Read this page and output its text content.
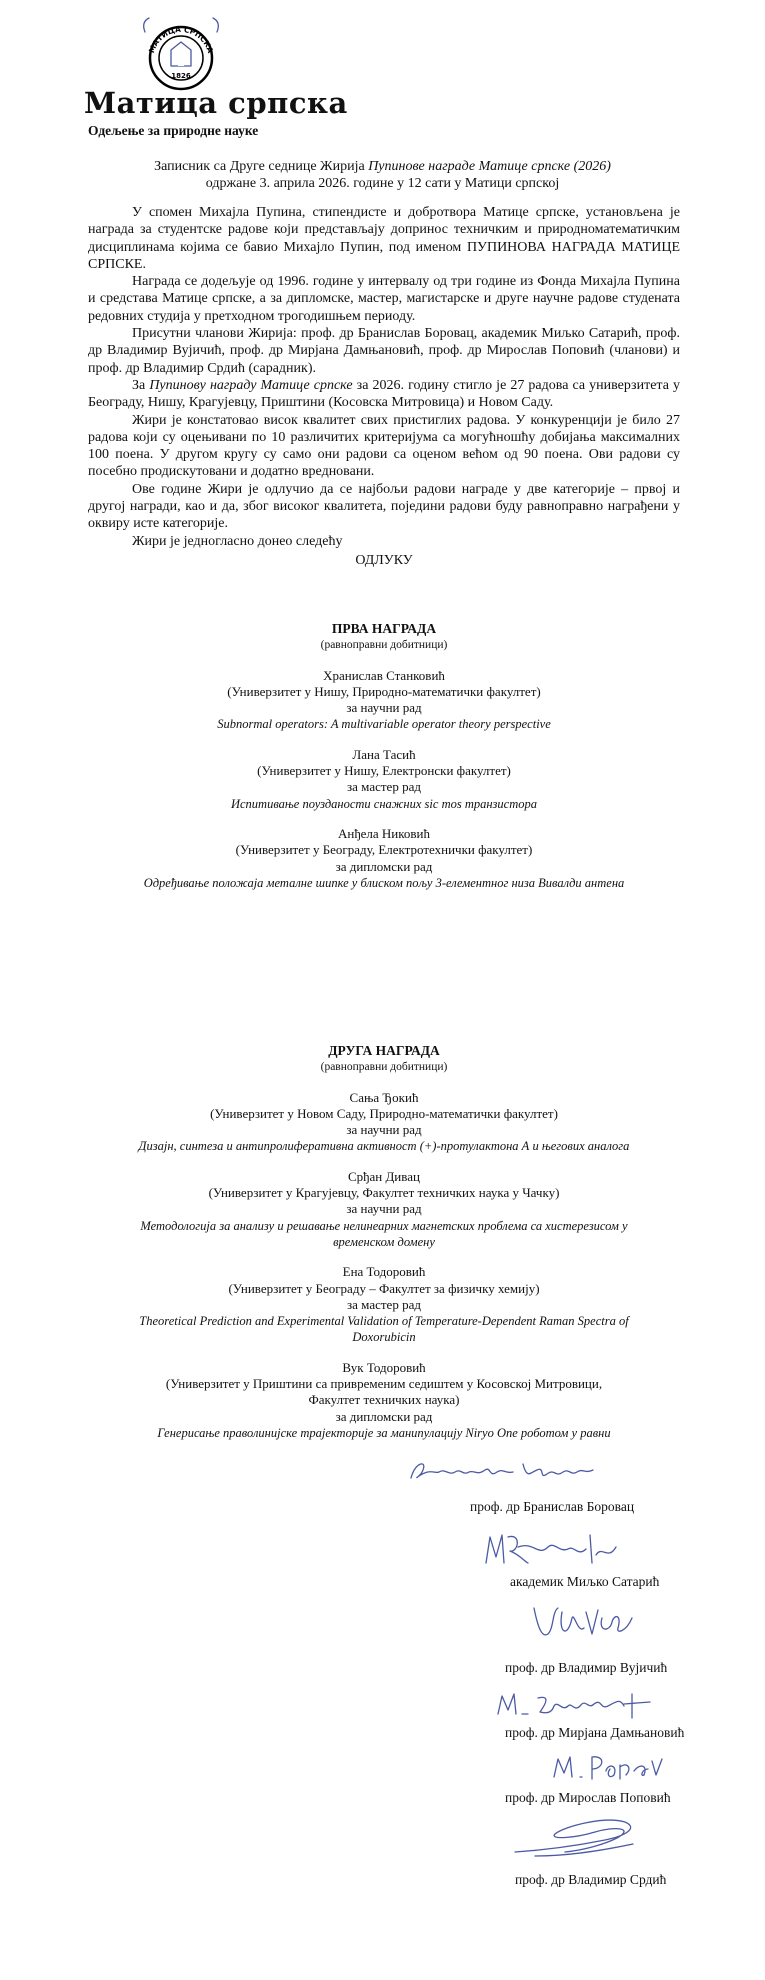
МАТИЦА СРПСКА
1826
Матица српска
Одељење за природне науке
Записник са Друге седнице Жирија Пупинове награде Матице српске (2026)
одржане 3. априла 2026. године у 12 сати у Матици српској

У спомен Михајла Пупина, стипендисте и добротвора Матице српске, установљена је награда за студентске радове који представљају допринос техничким и природноматематичким дисциплинама којима се бавио Михајло Пупин, под именом ПУПИНОВА НАГРАДА МАТИЦЕ СРПСКЕ.

Награда се додељује од 1996. године у интервалу од три године из Фонда Михајла Пупина и средстава Матице српске, а за дипломске, мастер, магистарске и друге научне радове студената редовних студија у претходном трогодишњем периоду.

Присутни чланови Жирија: проф. др Бранислав Боровац, академик Миљко Сатарић, проф. др Владимир Вујичић, проф. др Мирјана Дамњановић, проф. др Мирослав Поповић (чланови) и проф. др Владимир Срдић (сарадник).

За Пупинову награду Матице српске за 2026. годину стигло је 27 радова са универзитета у Београду, Нишу, Крагујевцу, Приштини (Косовска Митровица) и Новом Саду.

Жири је констатовао висок квалитет свих пристиглих радова. У конкуренцији је било 27 радова који су оцењивани по 10 различитих критеријума са могућношћу добијања максималних 100 поена. У другом кругу су само они радови са оценом већом од 90 поена. Ови радови су посебно продискутовани и додатно вредновани.

Ове године Жири је одлучио да се најбољи радови награде у две категорије – првој и другој награди, као и да, због високог квалитета, поједини радови буду равноправно награђени у оквиру исте категорије.

Жири је једногласно донео следећу

ОДЛУКУ
ПРВА НАГРАДА
(равноправни добитници)
Хранислав Станковић
(Универзитет у Нишу, Природно-математички факултет)
за научни рад
Subnormal operators: A multivariable operator theory perspective
Лана Тасић
(Универзитет у Нишу, Електронски факултет)
за мастер рад
Испитивање поузданости снажних sic mos транзистора
Анђела Никовић
(Универзитет у Београду, Електротехнички факултет)
за дипломски рад
Одређивање положаја металне шипке у блиском пољу 3-елементног низа Вивалди антена
ДРУГА НАГРАДА
(равноправни добитници)
Сања Ђокић
(Универзитет у Новом Саду, Природно-математички факултет)
за научни рад
Дизајн, синтеза и антипролиферативна активност (+)-протулактона А и његових аналога
Срђан Дивац
(Универзитет у Крагујевцу, Факултет техничких наука у Чачку)
за научни рад
Методологија за анализу и решавање нелинеарних магнетских проблема са хистерезисом у
временском домену
Ена Тодоровић
(Универзитет у Београду – Факултет за физичку хемију)
за мастер рад
Theoretical Prediction and Experimental Validation of Temperature-Dependent Raman Spectra of
Doxorubicin
Вук Тодоровић
(Универзитет у Приштини са привременим седиштем у Косовској Митровици,
Факултет техничких наука)
за дипломски рад
Генерисање праволинијске трајекторије за манипулацију Niryo One роботом у равни
проф. др Бранислав Боровац
академик Миљко Сатарић
проф. др Владимир Вујичић
проф. др Мирјана Дамњановић
проф. др Мирослав Поповић
проф. др Владимир Срдић
